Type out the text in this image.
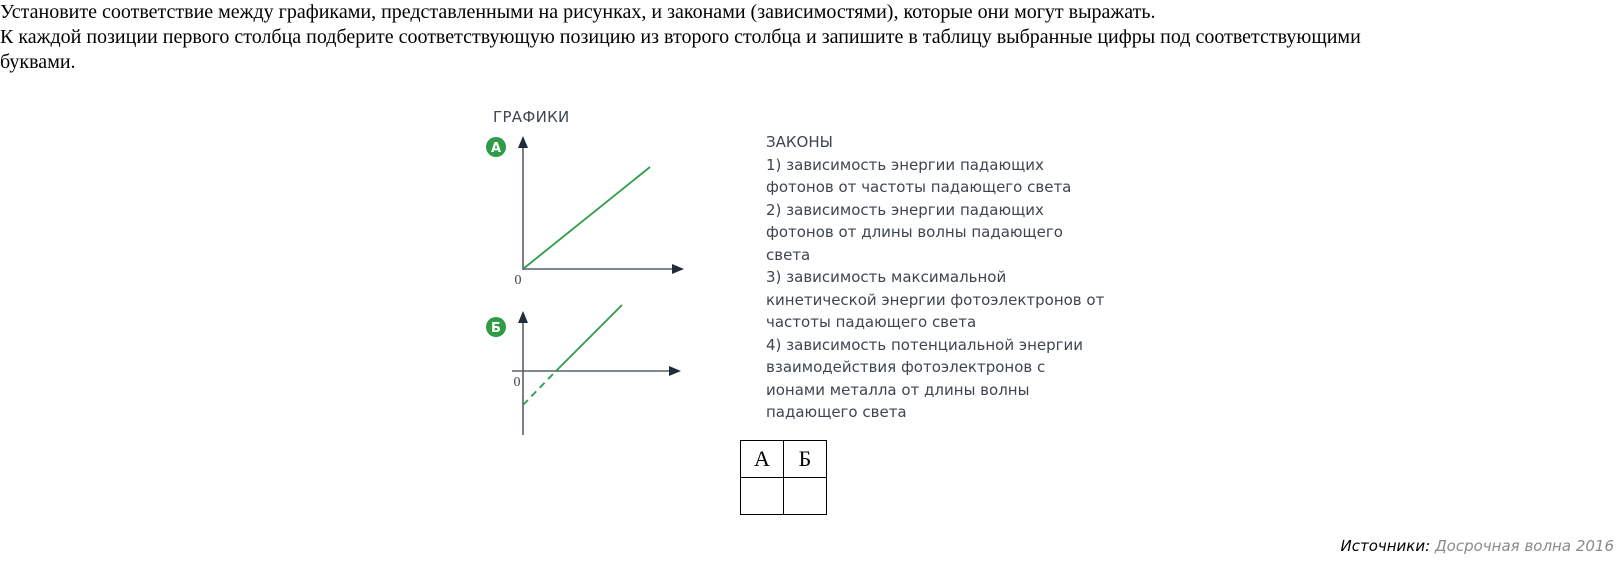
Установите соответствие между графиками, представленными на рисунках, и законами (зависимостями), которые они могут выражать.

К каждой позиции первого столбца подберите соответствующую позицию из второго столбца и запишите в таблицу выбранные цифры под соответствующими буквами.

А
0
Б
0
ГРАФИКИ
ЗАКОНЫ
1) зависимость энергии падающих фотонов от частоты падающего света
2) зависимость энергии падающих фотонов от длины волны падающего света
3) зависимость максимальной кинетической энергии фотоэлектронов от частоты падающего света
4) зависимость потенциальной энергии взаимодействия фотоэлектронов с ионами металла от длины волны падающего света
А	Б

Источники: Досрочная волна 2016
